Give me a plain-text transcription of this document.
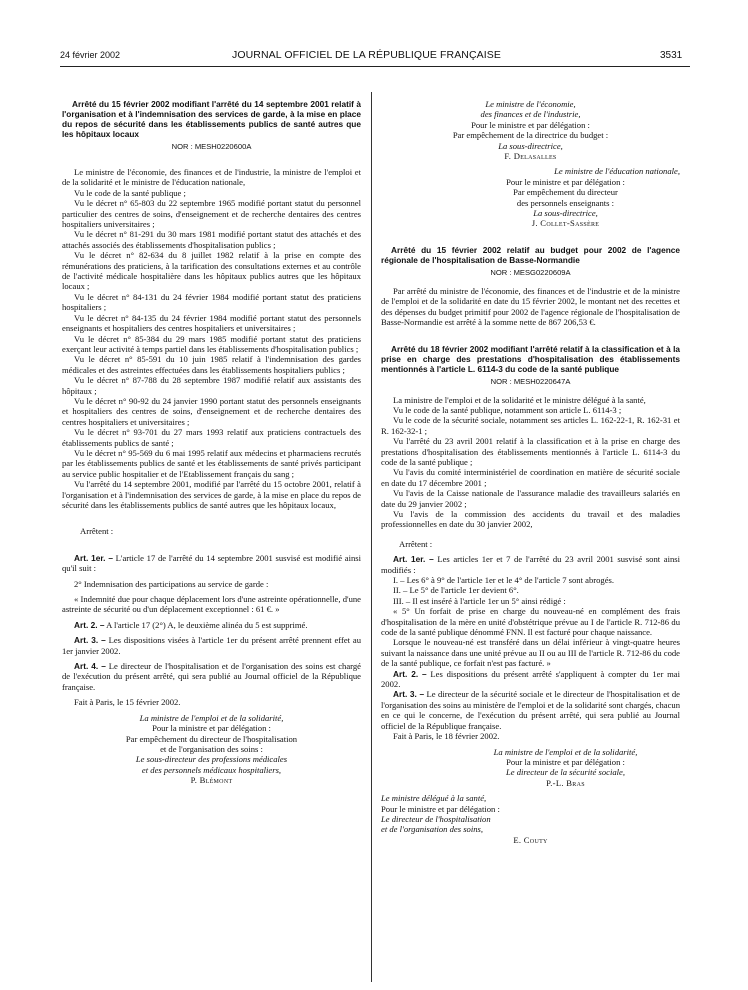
24 février 2002	JOURNAL OFFICIEL DE LA RÉPUBLIQUE FRANÇAISE	3531

Arrêté du 15 février 2002 modifiant l'arrêté du 14 septembre 2001 relatif à l'organisation et à l'indemnisation des services de garde, à la mise en place du repos de sécurité dans les établissements publics de santé autres que les hôpitaux locaux

NOR : MESH0220600A

Le ministre de l'économie, des finances et de l'industrie, la ministre de l'emploi et de la solidarité et le ministre de l'éducation nationale,

Vu le code de la santé publique ;

Vu le décret n° 65-803 du 22 septembre 1965 modifié portant statut du personnel particulier des centres de soins, d'enseignement et de recherche dentaires des centres hospitaliers universitaires ;

Vu le décret n° 81-291 du 30 mars 1981 modifié portant statut des attachés et des attachés associés des établissements d'hospitalisation publics ;

Vu le décret n° 82-634 du 8 juillet 1982 relatif à la prise en compte des rémunérations des praticiens, à la tarification des consultations externes et au contrôle de l'activité médicale hospitalière dans les hôpitaux publics autres que les hôpitaux locaux ;

Vu le décret n° 84-131 du 24 février 1984 modifié portant statut des praticiens hospitaliers ;

Vu le décret n° 84-135 du 24 février 1984 modifié portant statut des personnels enseignants et hospitaliers des centres hospitaliers et universitaires ;

Vu le décret n° 85-384 du 29 mars 1985 modifié portant statut des praticiens exerçant leur activité à temps partiel dans les établissements d'hospitalisation publics ;

Vu le décret n° 85-591 du 10 juin 1985 relatif à l'indemnisation des gardes médicales et des astreintes effectuées dans les établissements hospitaliers publics ;

Vu le décret n° 87-788 du 28 septembre 1987 modifié relatif aux assistants des hôpitaux ;

Vu le décret n° 90-92 du 24 janvier 1990 portant statut des personnels enseignants et hospitaliers des centres de soins, d'enseignement et de recherche dentaires des centres hospitaliers et universitaires ;

Vu le décret n° 93-701 du 27 mars 1993 relatif aux praticiens contractuels des établissements publics de santé ;

Vu le décret n° 95-569 du 6 mai 1995 relatif aux médecins et pharmaciens recrutés par les établissements publics de santé et les établissements de santé privés participant au service public hospitalier et de l'Etablissement français du sang ;

Vu l'arrêté du 14 septembre 2001, modifié par l'arrêté du 15 octobre 2001, relatif à l'organisation et à l'indemnisation des services de garde, à la mise en place du repos de sécurité dans les établissements publics de santé autres que les hôpitaux locaux,

Arrêtent :

Art. 1er. – L'article 17 de l'arrêté du 14 septembre 2001 susvisé est modifié ainsi qu'il suit :

2° Indemnisation des participations au service de garde :

« Indemnité due pour chaque déplacement lors d'une astreinte opérationnelle, d'une astreinte de sécurité ou d'un déplacement exceptionnel : 61 €. »

Art. 2. – A l'article 17 (2°) A, le deuxième alinéa du 5 est supprimé.

Art. 3. – Les dispositions visées à l'article 1er du présent arrêté prennent effet au 1er janvier 2002.

Art. 4. – Le directeur de l'hospitalisation et de l'organisation des soins est chargé de l'exécution du présent arrêté, qui sera publié au Journal officiel de la République française.

Fait à Paris, le 15 février 2002.

La ministre de l'emploi et de la solidarité,

Pour la ministre et par délégation :

Par empêchement du directeur de l'hospitalisation

et de l'organisation des soins :

Le sous-directeur des professions médicales

et des personnels médicaux hospitaliers,

P. Blémont

Le ministre de l'économie,

des finances et de l'industrie,

Pour le ministre et par délégation :

Par empêchement de la directrice du budget :

La sous-directrice,

F. Delasalles

Le ministre de l'éducation nationale,

Pour le ministre et par délégation :

Par empêchement du directeur

des personnels enseignants :

La sous-directrice,

J. Collet-Sassère

Arrêté du 15 février 2002 relatif au budget pour 2002 de l'agence régionale de l'hospitalisation de Basse-Normandie

NOR : MESG0220609A

Par arrêté du ministre de l'économie, des finances et de l'industrie et de la ministre de l'emploi et de la solidarité en date du 15 février 2002, le montant net des recettes et des dépenses du budget primitif pour 2002 de l'agence régionale de l'hospitalisation de Basse-Normandie est arrêté à la somme nette de 867 206,53 €.

Arrêté du 18 février 2002 modifiant l'arrêté relatif à la classification et à la prise en charge des prestations d'hospitalisation des établissements mentionnés à l'article L. 6114-3 du code de la santé publique

NOR : MESH0220647A

La ministre de l'emploi et de la solidarité et le ministre délégué à la santé,

Vu le code de la santé publique, notamment son article L. 6114-3 ;

Vu le code de la sécurité sociale, notamment ses articles L. 162-22-1, R. 162-31 et R. 162-32-1 ;

Vu l'arrêté du 23 avril 2001 relatif à la classification et à la prise en charge des prestations d'hospitalisation des établissements mentionnés à l'article L. 6114-3 du code de la santé publique ;

Vu l'avis du comité interministériel de coordination en matière de sécurité sociale en date du 17 décembre 2001 ;

Vu l'avis de la Caisse nationale de l'assurance maladie des travailleurs salariés en date du 29 janvier 2002 ;

Vu l'avis de la commission des accidents du travail et des maladies professionnelles en date du 30 janvier 2002,

Arrêtent :

Art. 1er. – Les articles 1er et 7 de l'arrêté du 23 avril 2001 susvisé sont ainsi modifiés :

I. – Les 6° à 9° de l'article 1er et le 4° de l'article 7 sont abrogés.

II. – Le 5° de l'article 1er devient 6°.

III. – Il est inséré à l'article 1er un 5° ainsi rédigé :

« 5° Un forfait de prise en charge du nouveau-né en complément des frais d'hospitalisation de la mère en unité d'obstétrique prévue au I de l'article R. 712-86 du code de la santé publique dénommé FNN. Il est facturé pour chaque naissance.

Lorsque le nouveau-né est transféré dans un délai inférieur à vingt-quatre heures suivant la naissance dans une unité prévue au II ou au III de l'article R. 712-86 du code de la santé publique, ce forfait n'est pas facturé. »

Art. 2. – Les dispositions du présent arrêté s'appliquent à compter du 1er mai 2002.

Art. 3. – Le directeur de la sécurité sociale et le directeur de l'hospitalisation et de l'organisation des soins au ministère de l'emploi et de la solidarité sont chargés, chacun en ce qui le concerne, de l'exécution du présent arrêté, qui sera publié au Journal officiel de la République française.

Fait à Paris, le 18 février 2002.

La ministre de l'emploi et de la solidarité,

Pour la ministre et par délégation :

Le directeur de la sécurité sociale,

P.-L. Bras

Le ministre délégué à la santé,

Pour le ministre et par délégation :

Le directeur de l'hospitalisation

et de l'organisation des soins,

E. Couty
